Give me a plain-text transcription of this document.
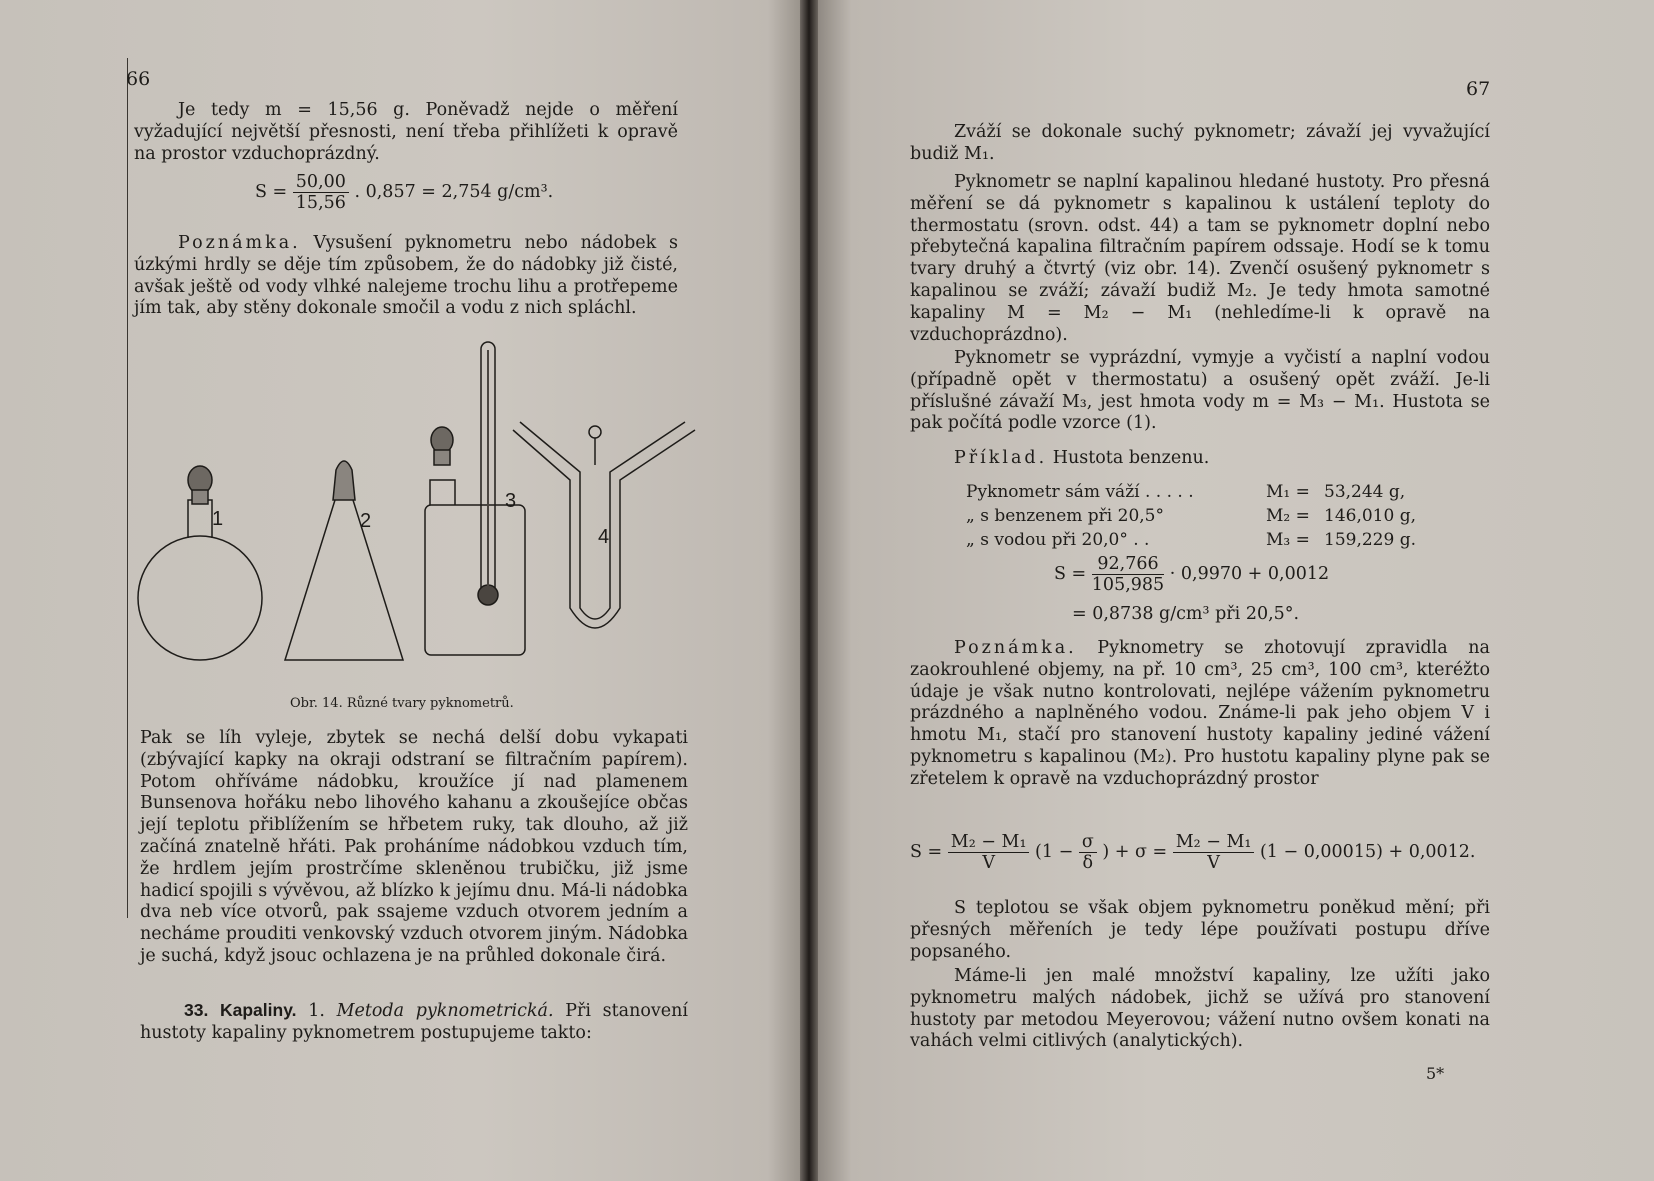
66
Je tedy m = 15,56 g. Poněvadž nejde o měření vyžadující největší přesnosti, není třeba přihlížeti k opravě na prostor vzduchoprázdný.
$S = \frac{50,00}{15,56}$ . 0,857 = 2,754 g/cm³.
Poznámka. Vysušení pyknometru nebo nádobek s úzkými hrdly se děje tím způsobem, že do nádobky již čisté, avšak ještě od vody vlhké nalejeme trochu lihu a protřepeme jím tak, aby stěny dokonale smočil a vodu z nich spláchl.
1	2
3
4
Obr. 14. Různé tvary pyknometrů.
Pak se líh vyleje, zbytek se nechá delší dobu vykapati (zbývající kapky na okraji odstraní se filtračním papírem). Potom ohříváme nádobku, kroužíce jí nad plamenem Bunsenova hořáku nebo lihového kahanu a zkoušejíce občas její teplotu přiblížením se hřbetem ruky, tak dlouho, až již začíná znatelně hřáti. Pak proháníme nádobkou vzduch tím, že hrdlem jejím prostrčíme skleněnou trubičku, již jsme hadicí spojili s vývěvou, až blízko k jejímu dnu. Má-li nádobka dva neb více otvorů, pak ssajeme vzduch otvorem jedním a necháme prouditi venkovský vzduch otvorem jiným. Nádobka je suchá, když jsouc ochlazena je na průhled dokonale čirá.
33. Kapaliny. 1. Metoda pyknometrická. Při stanovení hustoty kapaliny pyknometrem postupujeme takto:
67
Zváží se dokonale suchý pyknometr; závaží jej vyvažující budiž M₁.
Pyknometr se naplní kapalinou hledané hustoty. Pro přesná měření se dá pyknometr s kapalinou k ustálení teploty do thermostatu (srovn. odst. 44) a tam se pyknometr doplní nebo přebytečná kapalina filtračním papírem odssaje. Hodí se k tomu tvary druhý a čtvrtý (viz obr. 14). Zvenčí osušený pyknometr s kapalinou se zváží; závaží budiž M₂. Je tedy hmota samotné kapaliny M = M₂ − M₁ (nehledíme-li k opravě na vzduchoprázdno).
Pyknometr se vyprázdní, vymyje a vyčistí a naplní vodou (případně opět v thermostatu) a osušený opět zváží. Je-li příslušné závaží M₃, jest hmota vody m = M₃ − M₁. Hustota se pak počítá podle vzorce (1).
Příklad. Hustota benzenu.
Pyknometr sám váží . . . . .	M₁ = 53,244 g,
„ s benzenem při 20,5°	M₂ = 146,010 g,
„ s vodou při 20,0° . .	M₃ = 159,229 g.
$S = \frac{92,766}{105,985} \cdot 0,9970 + 0,0012$
= 0,8738 g/cm³ při 20,5°.
Poznámka. Pyknometry se zhotovují zpravidla na zaokrouhlené objemy, na př. 10 cm³, 25 cm³, 100 cm³, kteréžto údaje je však nutno kontrolovati, nejlépe vážením pyknometru prázdného a naplněného vodou. Známe-li pak jeho objem V i hmotu M₁, stačí pro stanovení hustoty kapaliny jediné vážení pyknometru s kapalinou (M₂). Pro hustotu kapaliny plyne pak se zřetelem k opravě na vzduchoprázdný prostor
$S = \frac{\text{M₂ − M₁}}{V} (1 - \frac{\sigma}{\delta}$ ) + $\sigma = \frac{\text{M₂ − M₁}}{V} (1 - 0,00015) + 0,0012$.
S teplotou se však objem pyknometru poněkud mění; při přesných měřeních je tedy lépe používati postupu dříve popsaného.
Máme-li jen malé množství kapaliny, lze užíti jako pyknometru malých nádobek, jichž se užívá pro stanovení hustoty par metodou Meyerovou; vážení nutno ovšem konati na vahách velmi citlivých (analytických).
5*
